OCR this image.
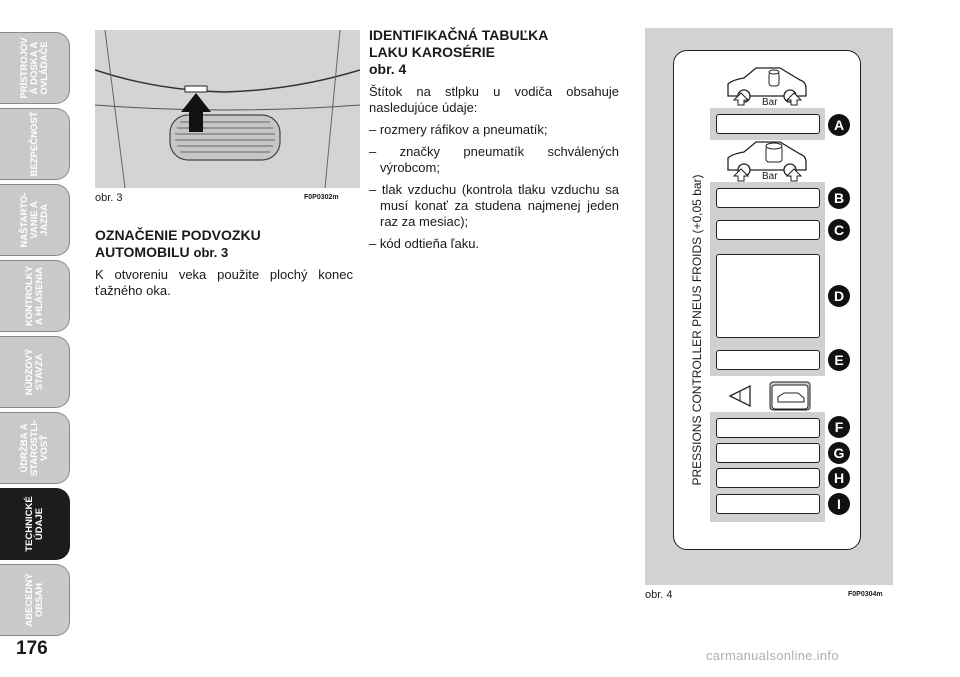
PRÍSTROJOV Á DOSKA A OVLÁDAČE
BEZPEČNOSŤ
NAŠTARTO- VANIE A JAZDA
KONTROLKY A HLÁSENIA
NÚDZOVÝ STAVZA
ÚDRŽBA A STAROSTLI- VOSŤ
TECHNICKÉ ÚDAJE
ABECEDNÝ OBSAH
176
obr. 3	F0P0302m
OZNAČENIE PODVOZKU AUTOMOBILU obr. 3

K otvoreniu veka použite plochý konec ťažného oka.

IDENTIFIKAČNÁ TABUĽKA LAKU KAROSÉRIE
obr. 4

Štítok na stlpku u vodiča obsahuje nasledujúce údaje:

– rozmery ráfikov a pneumatík;
– značky pneumatík schválených výrobcom;
– tlak vzduchu (kontrola tlaku vzduchu sa musí konať za studena najmenej jeden raz za mesiac);
– kód odtieňa ľaku.	PRESSIONS CONTROLLER PNEUS FROIDS (+0,05 bar)
Bar
Bar
A
B
C
D
E
F
G
H
I
obr. 4	F0P0304m
carmanualsonline.info
